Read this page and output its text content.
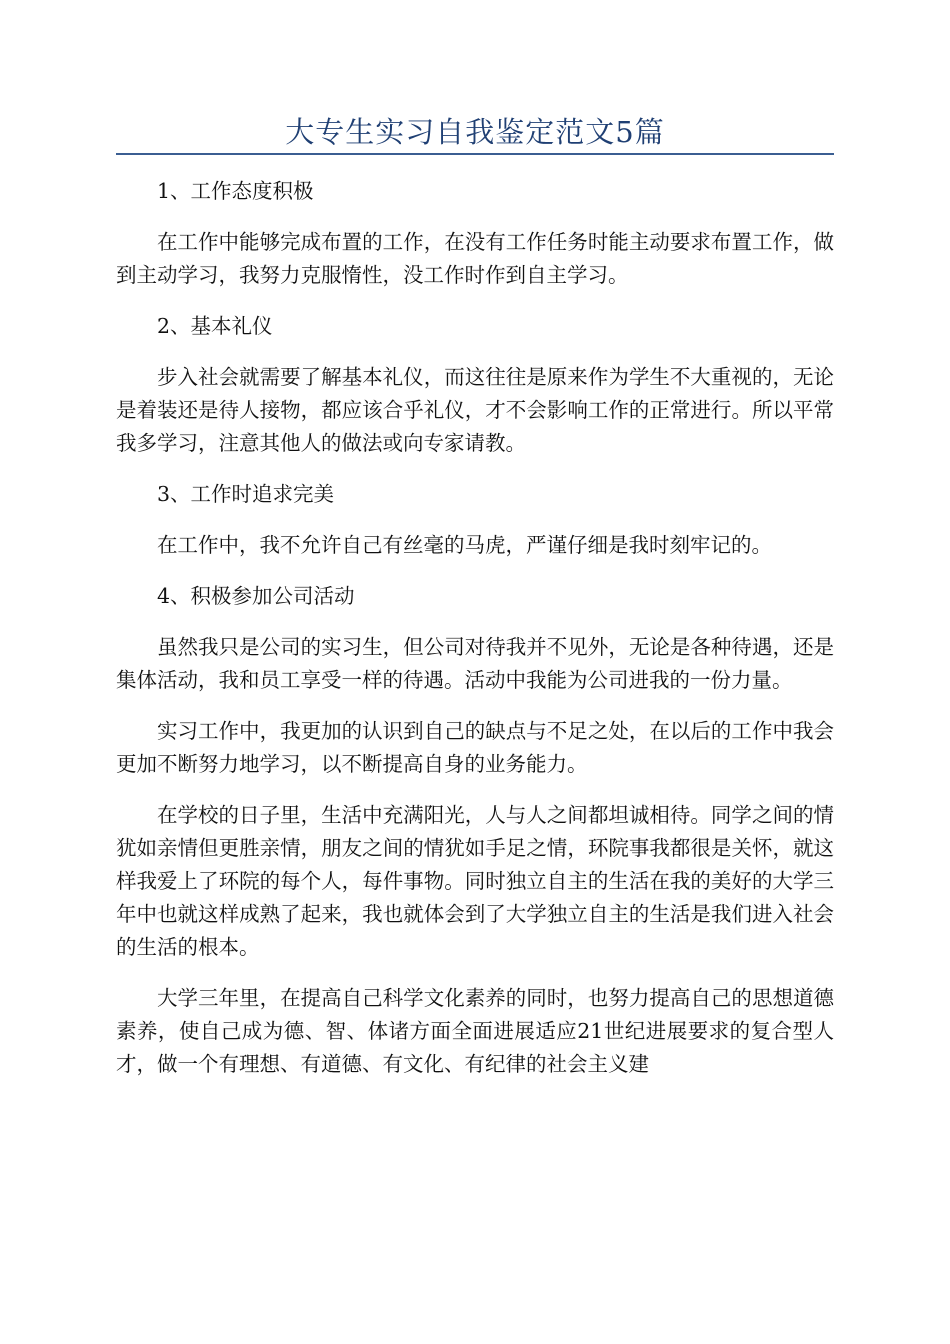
大专生实习自我鉴定范文5篇

1、工作态度积极

在工作中能够完成布置的工作，在没有工作任务时能主动要求布置工作，做到主动学习，我努力克服惰性，没工作时作到自主学习。

2、基本礼仪

步入社会就需要了解基本礼仪，而这往往是原来作为学生不大重视的，无论是着装还是待人接物，都应该合乎礼仪，才不会影响工作的正常进行。所以平常我多学习，注意其他人的做法或向专家请教。

3、工作时追求完美

在工作中，我不允许自己有丝毫的马虎，严谨仔细是我时刻牢记的。

4、积极参加公司活动

虽然我只是公司的实习生，但公司对待我并不见外，无论是各种待遇，还是集体活动，我和员工享受一样的待遇。活动中我能为公司进我的一份力量。

实习工作中，我更加的认识到自己的缺点与不足之处，在以后的工作中我会更加不断努力地学习，以不断提高自身的业务能力。

在学校的日子里，生活中充满阳光，人与人之间都坦诚相待。同学之间的情犹如亲情但更胜亲情，朋友之间的情犹如手足之情，环院事我都很是关怀，就这样我爱上了环院的每个人，每件事物。同时独立自主的生活在我的美好的大学三年中也就这样成熟了起来，我也就体会到了大学独立自主的生活是我们进入社会的生活的根本。

大学三年里，在提高自己科学文化素养的同时，也努力提高自己的思想道德素养，使自己成为德、智、体诸方面全面进展适应21世纪进展要求的复合型人才，做一个有理想、有道德、有文化、有纪律的社会主义建
